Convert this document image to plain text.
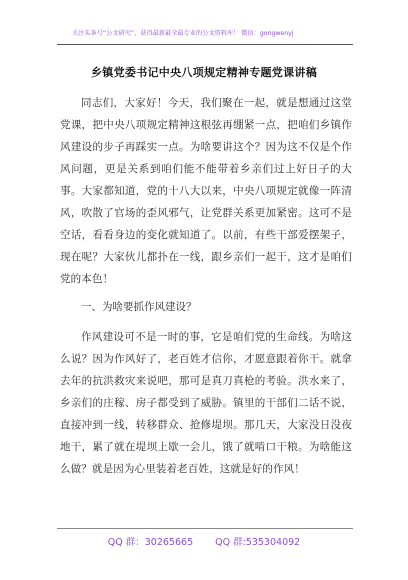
关注头条号“公文研究”，获得最新最全最专业的公文资料库！ 微信：gongwenyj
乡镇党委书记中央八项规定精神专题党课讲稿

同志们，大家好！今天，我们聚在一起，就是想通过这堂党课，把中央八项规定精神这根弦再绷紧一点，把咱们乡镇作风建设的步子再踩实一点。为啥要讲这个？因为这不仅是个作风问题，更是关系到咱们能不能带着乡亲们过上好日子的大事。大家都知道，党的十八大以来，中央八项规定就像一阵清风，吹散了官场的歪风邪气，让党群关系更加紧密。这可不是空话，看看身边的变化就知道了。以前，有些干部爱摆架子，现在呢？大家伙儿都扑在一线，跟乡亲们一起干，这才是咱们党的本色！

一、为啥要抓作风建设？

作风建设可不是一时的事，它是咱们党的生命线。为啥这么说？因为作风好了，老百姓才信你，才愿意跟着你干。就拿去年的抗洪救灾来说吧，那可是真刀真枪的考验。洪水来了，乡亲们的庄稼、房子都受到了威胁。镇里的干部们二话不说，直接冲到一线，转移群众、抢修堤坝。那几天，大家没日没夜地干，累了就在堤坝上歇一会儿，饿了就啃口干粮。为啥能这么做？就是因为心里装着老百姓，这就是好的作风！

QQ 群：30265665 QQ 群:535304092
